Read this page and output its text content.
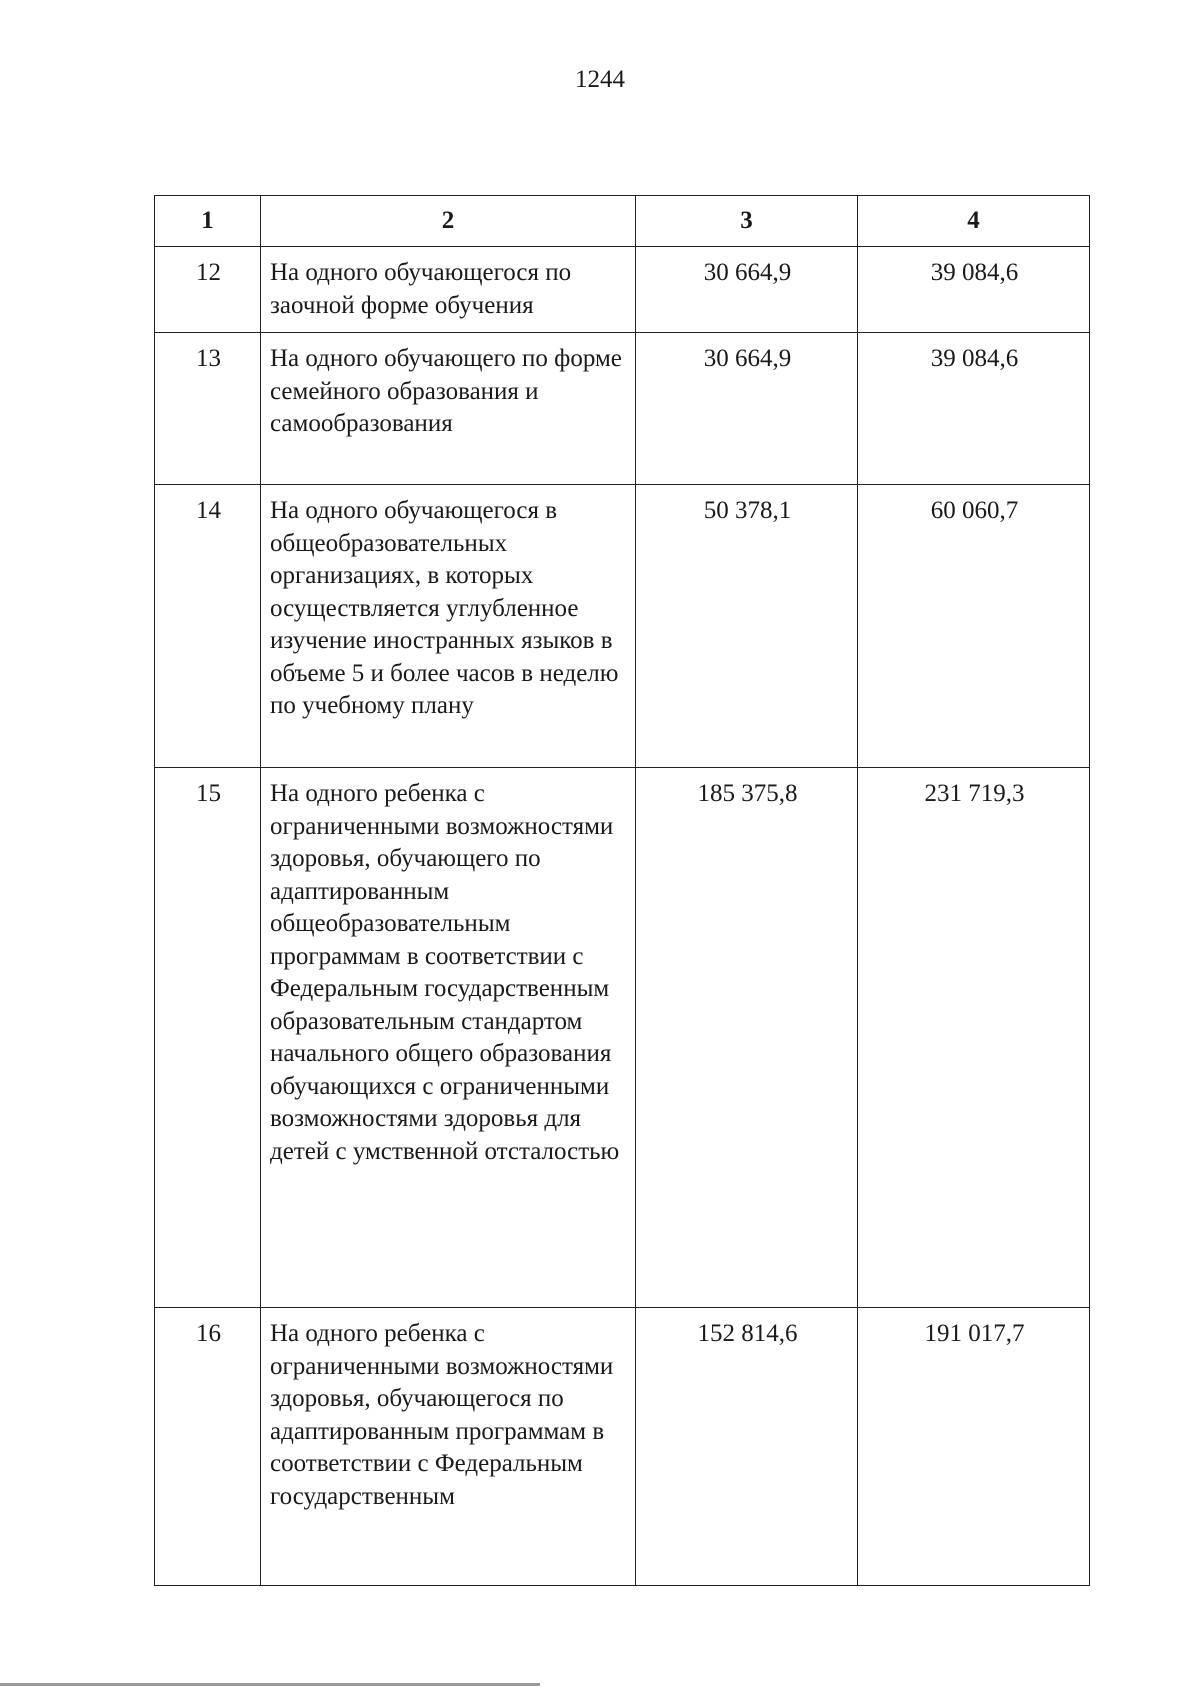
1244
1	2	3	4
12	На одного обучающегося по заочной форме обучения	30 664,9	39 084,6
13	На одного обучающего по форме семейного образования и самообразования	30 664,9	39 084,6
14	На одного обучающегося в общеобразовательных организациях, в которых осуществляется углубленное изучение иностранных языков в объеме 5 и более часов в неделю по учебному плану	50 378,1	60 060,7
15	На одного ребенка с ограниченными возможностями здоровья, обучающего по адаптированным общеобразовательным программам в соответствии с Федеральным государственным образовательным стандартом начального общего образования обучающихся с ограниченными возможностями здоровья для детей с умственной отсталостью	185 375,8	231 719,3
16	На одного ребенка с ограниченными возможностями здоровья, обучающегося по адаптированным программам в соответствии с Федеральным государственным	152 814,6	191 017,7
